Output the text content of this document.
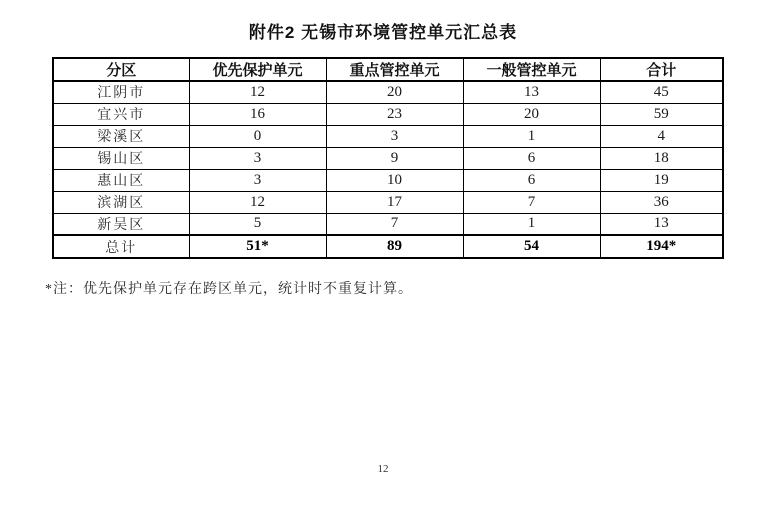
附件2 无锡市环境管控单元汇总表
分区	优先保护单元	重点管控单元	一般管控单元	合计
江阴市	12	20	13	45
宜兴市	16	23	20	59
梁溪区	0	3	1	4
锡山区	3	9	6	18
惠山区	3	10	6	19
滨湖区	12	17	7	36
新吴区	5	7	1	13
总计	51*	89	54	194*
*注：优先保护单元存在跨区单元，统计时不重复计算。
12
